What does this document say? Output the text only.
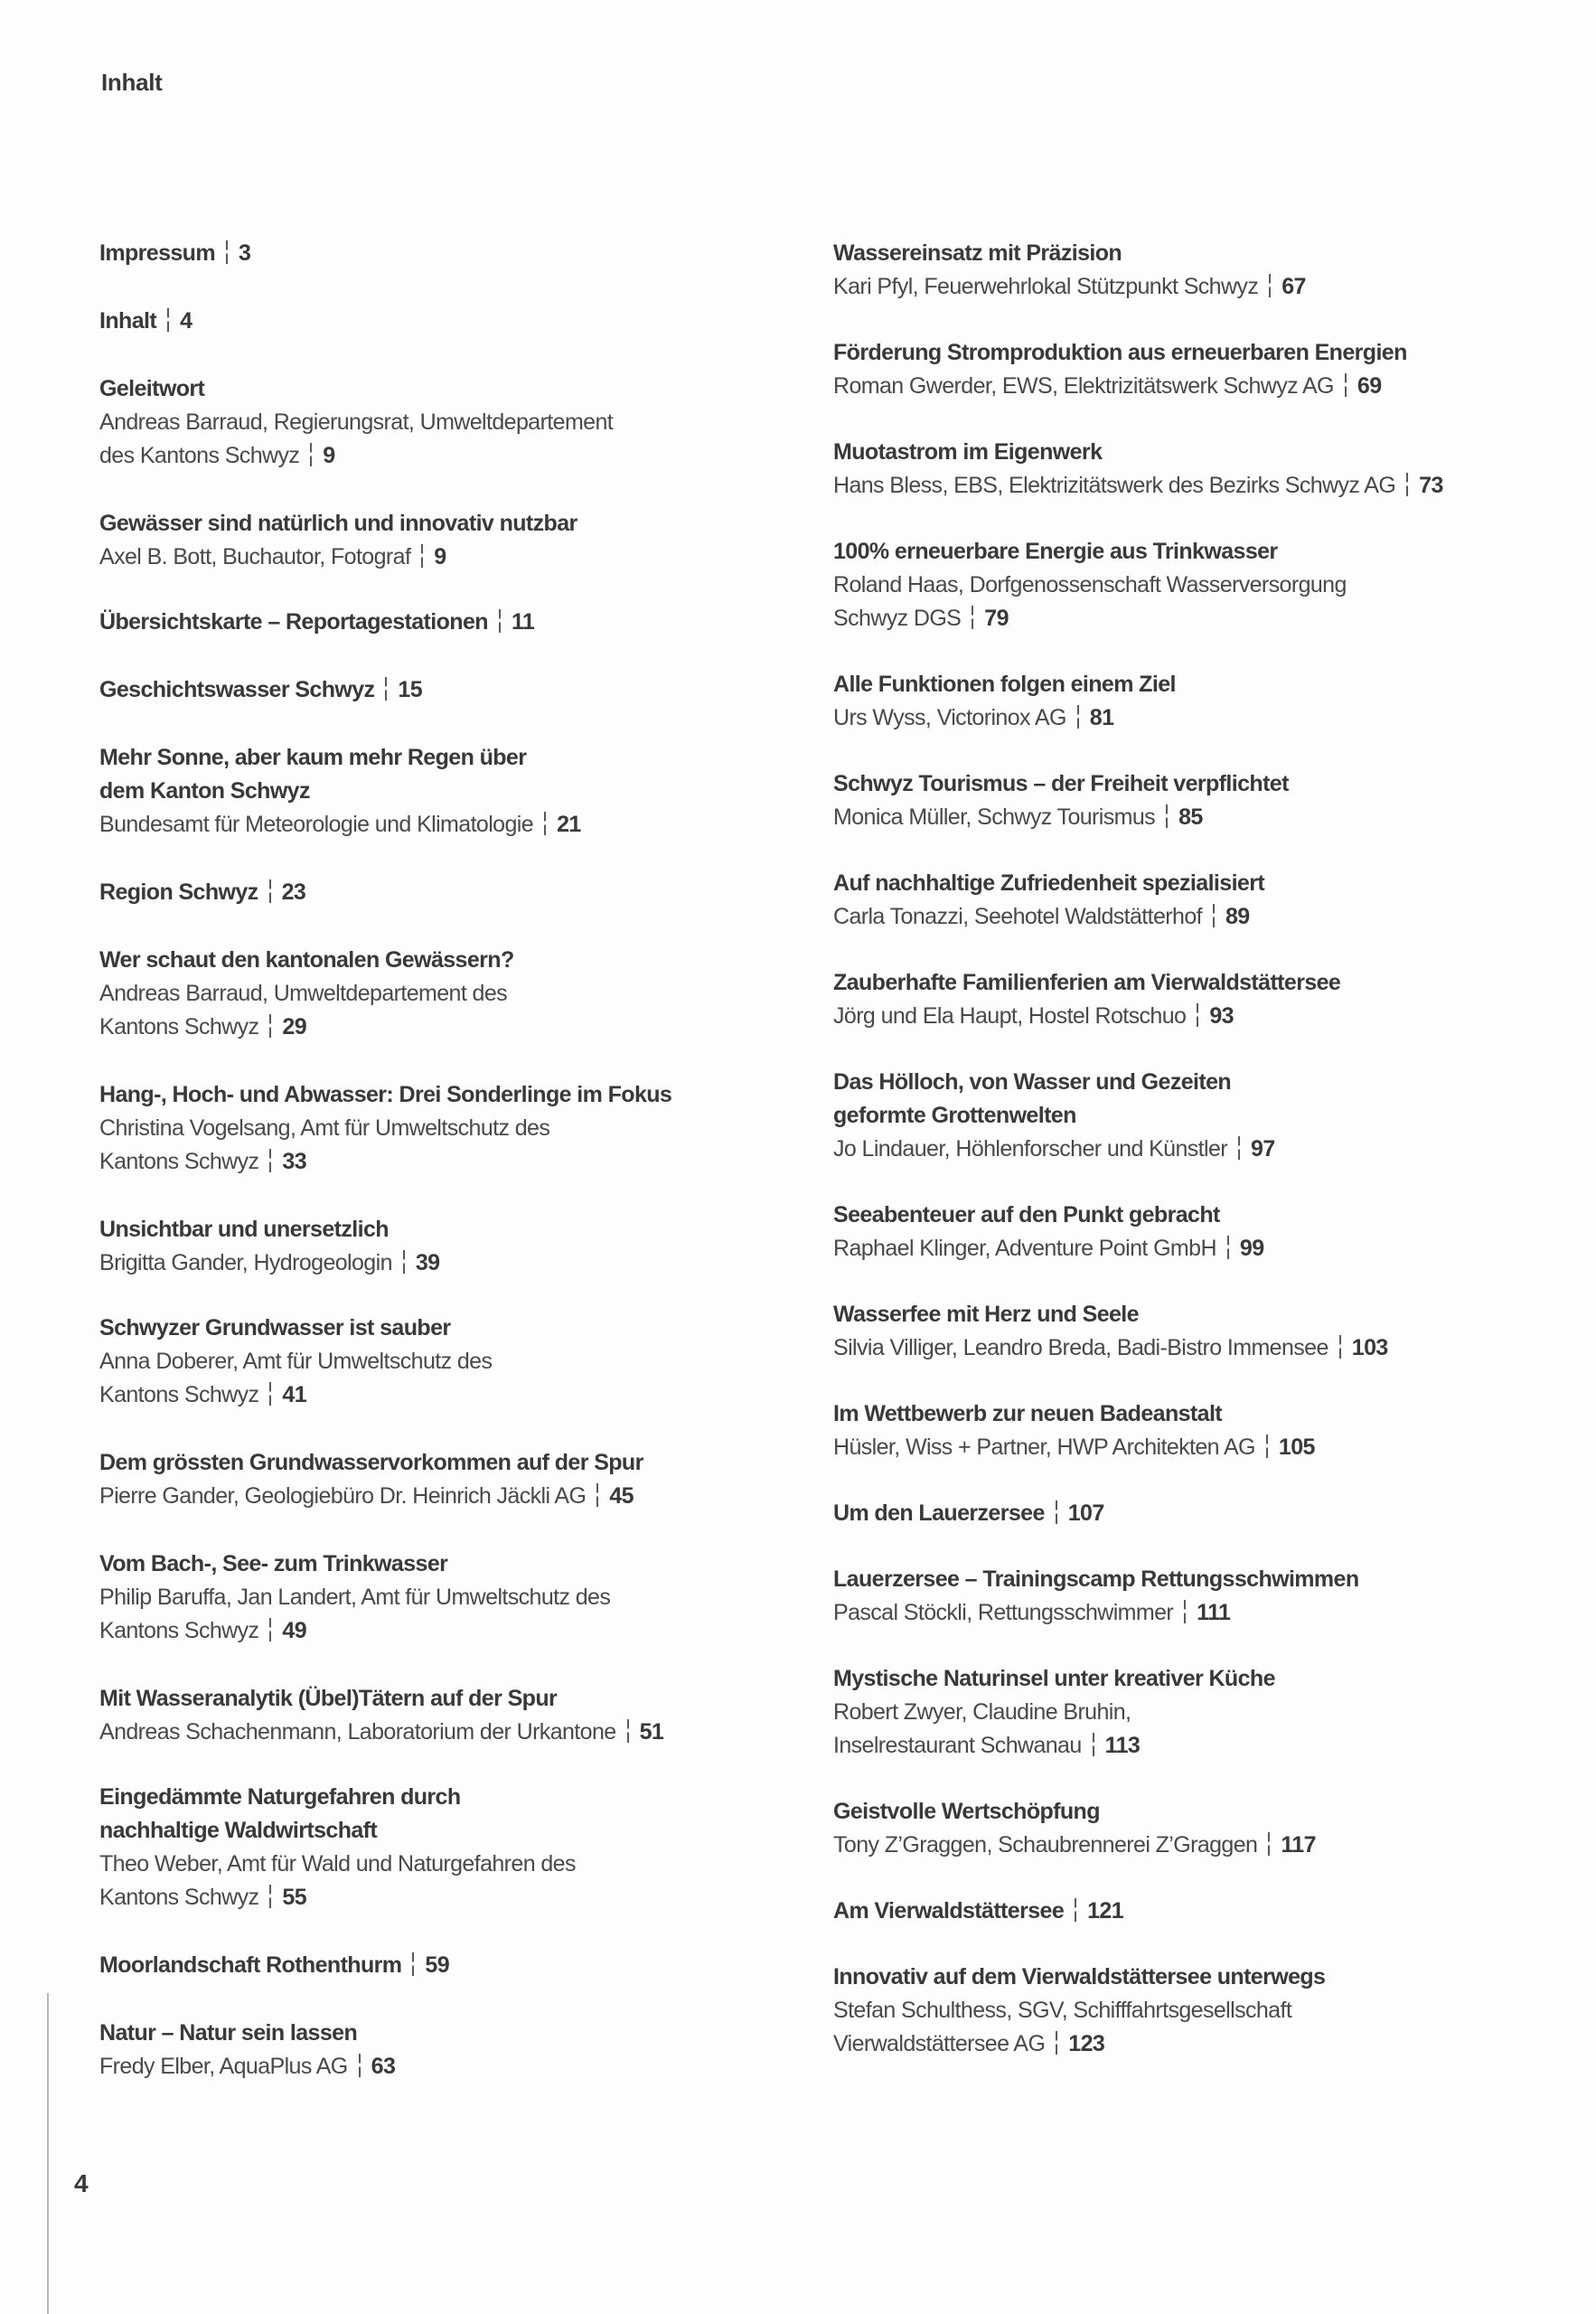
Inhalt
Impressum 3
Inhalt 4
Geleitwort
Andreas Barraud, Regierungsrat, Umweltdepartement
des Kantons Schwyz 9
Gewässer sind natürlich und innovativ nutzbar
Axel B. Bott, Buchautor, Fotograf 9
Übersichtskarte – Reportagestationen 11
Geschichtswasser Schwyz 15
Mehr Sonne, aber kaum mehr Regen über
dem Kanton Schwyz
Bundesamt für Meteorologie und Klimatologie 21
Region Schwyz 23
Wer schaut den kantonalen Gewässern?
Andreas Barraud, Umweltdepartement des
Kantons Schwyz 29
Hang-, Hoch- und Abwasser: Drei Sonderlinge im Fokus
Christina Vogelsang, Amt für Umweltschutz des
Kantons Schwyz 33
Unsichtbar und unersetzlich
Brigitta Gander, Hydrogeologin 39
Schwyzer Grundwasser ist sauber
Anna Doberer, Amt für Umweltschutz des
Kantons Schwyz 41
Dem grössten Grundwasservorkommen auf der Spur
Pierre Gander, Geologiebüro Dr. Heinrich Jäckli AG 45
Vom Bach-, See- zum Trinkwasser
Philip Baruffa, Jan Landert, Amt für Umweltschutz des
Kantons Schwyz 49
Mit Wasseranalytik (Übel)Tätern auf der Spur
Andreas Schachenmann, Laboratorium der Urkantone 51
Eingedämmte Naturgefahren durch
nachhaltige Waldwirtschaft
Theo Weber, Amt für Wald und Naturgefahren des
Kantons Schwyz 55
Moorlandschaft Rothenthurm 59
Natur – Natur sein lassen
Fredy Elber, AquaPlus AG 63
Wassereinsatz mit Präzision
Kari Pfyl, Feuerwehrlokal Stützpunkt Schwyz 67
Förderung Stromproduktion aus erneuerbaren Energien
Roman Gwerder, EWS, Elektrizitätswerk Schwyz AG 69
Muotastrom im Eigenwerk
Hans Bless, EBS, Elektrizitätswerk des Bezirks Schwyz AG 73
100% erneuerbare Energie aus Trinkwasser
Roland Haas, Dorfgenossenschaft Wasserversorgung
Schwyz DGS 79
Alle Funktionen folgen einem Ziel
Urs Wyss, Victorinox AG 81
Schwyz Tourismus – der Freiheit verpflichtet
Monica Müller, Schwyz Tourismus 85
Auf nachhaltige Zufriedenheit spezialisiert
Carla Tonazzi, Seehotel Waldstätterhof 89
Zauberhafte Familienferien am Vierwaldstättersee
Jörg und Ela Haupt, Hostel Rotschuo 93
Das Hölloch, von Wasser und Gezeiten
geformte Grottenwelten
Jo Lindauer, Höhlenforscher und Künstler 97
Seeabenteuer auf den Punkt gebracht
Raphael Klinger, Adventure Point GmbH 99
Wasserfee mit Herz und Seele
Silvia Villiger, Leandro Breda, Badi-Bistro Immensee 103
Im Wettbewerb zur neuen Badeanstalt
Hüsler, Wiss + Partner, HWP Architekten AG 105
Um den Lauerzersee 107
Lauerzersee – Trainingscamp Rettungsschwimmen
Pascal Stöckli, Rettungsschwimmer 111
Mystische Naturinsel unter kreativer Küche
Robert Zwyer, Claudine Bruhin,
Inselrestaurant Schwanau 113
Geistvolle Wertschöpfung
Tony Z’Graggen, Schaubrennerei Z’Graggen 117
Am Vierwaldstättersee 121
Innovativ auf dem Vierwaldstättersee unterwegs
Stefan Schulthess, SGV, Schifffahrtsgesellschaft
Vierwaldstättersee AG 123
4
